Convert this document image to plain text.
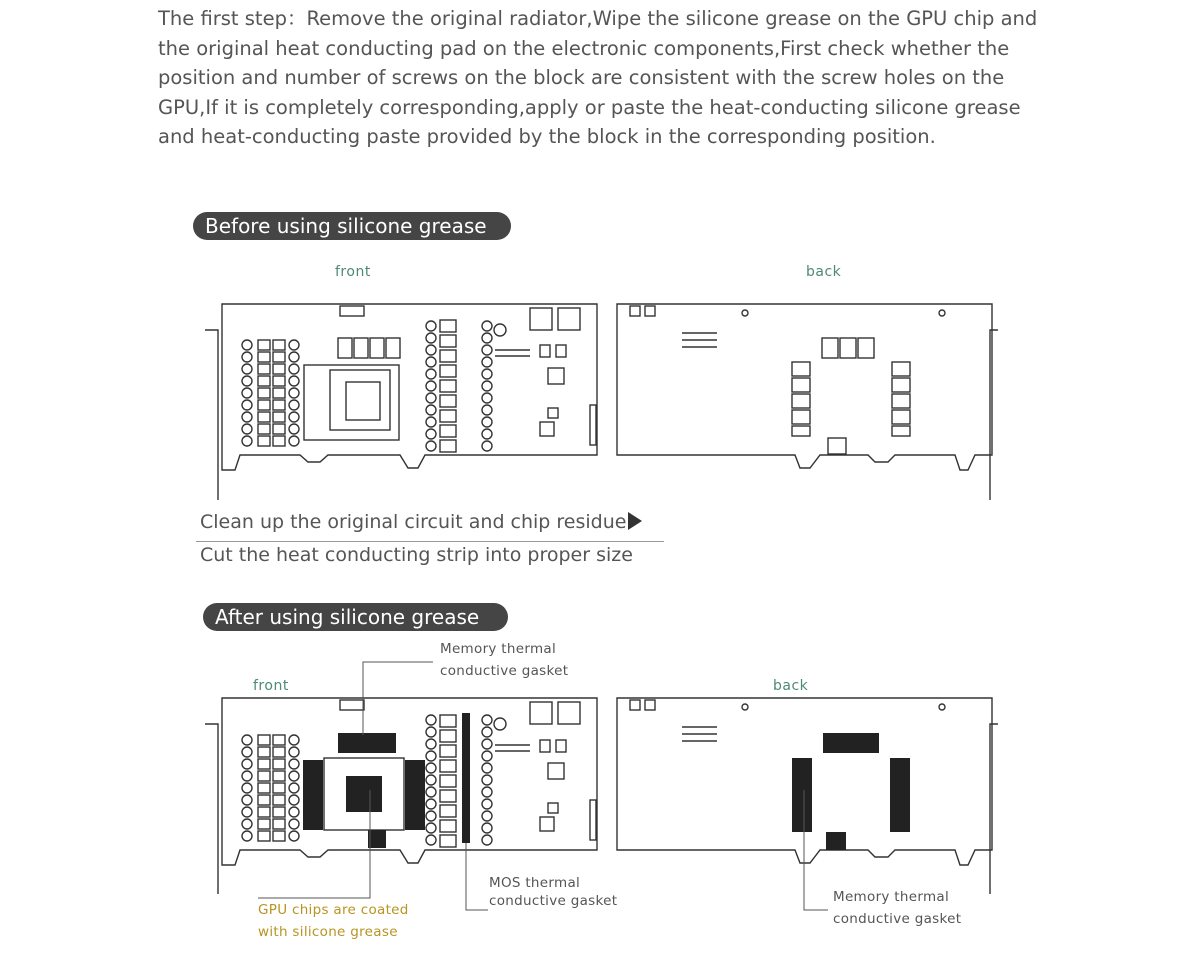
The first step：Remove the original radiator,Wipe the silicone grease on the GPU chip and the original heat conducting pad on the electronic components,First check whether the position and number of screws on the block are consistent with the screw holes on the GPU,If it is completely corresponding,apply or paste the heat-conducting silicone grease and heat-conducting paste provided by the block in the corresponding position.

Before using silicone grease
front	back
Clean up the original circuit and chip residue
Cut the heat conducting strip into proper size
After using silicone grease
Memory thermal
conductive gasket
front	back
GPU chips are coated
with silicone grease
MOS thermal
conductive gasket	Memory thermal
conductive gasket
